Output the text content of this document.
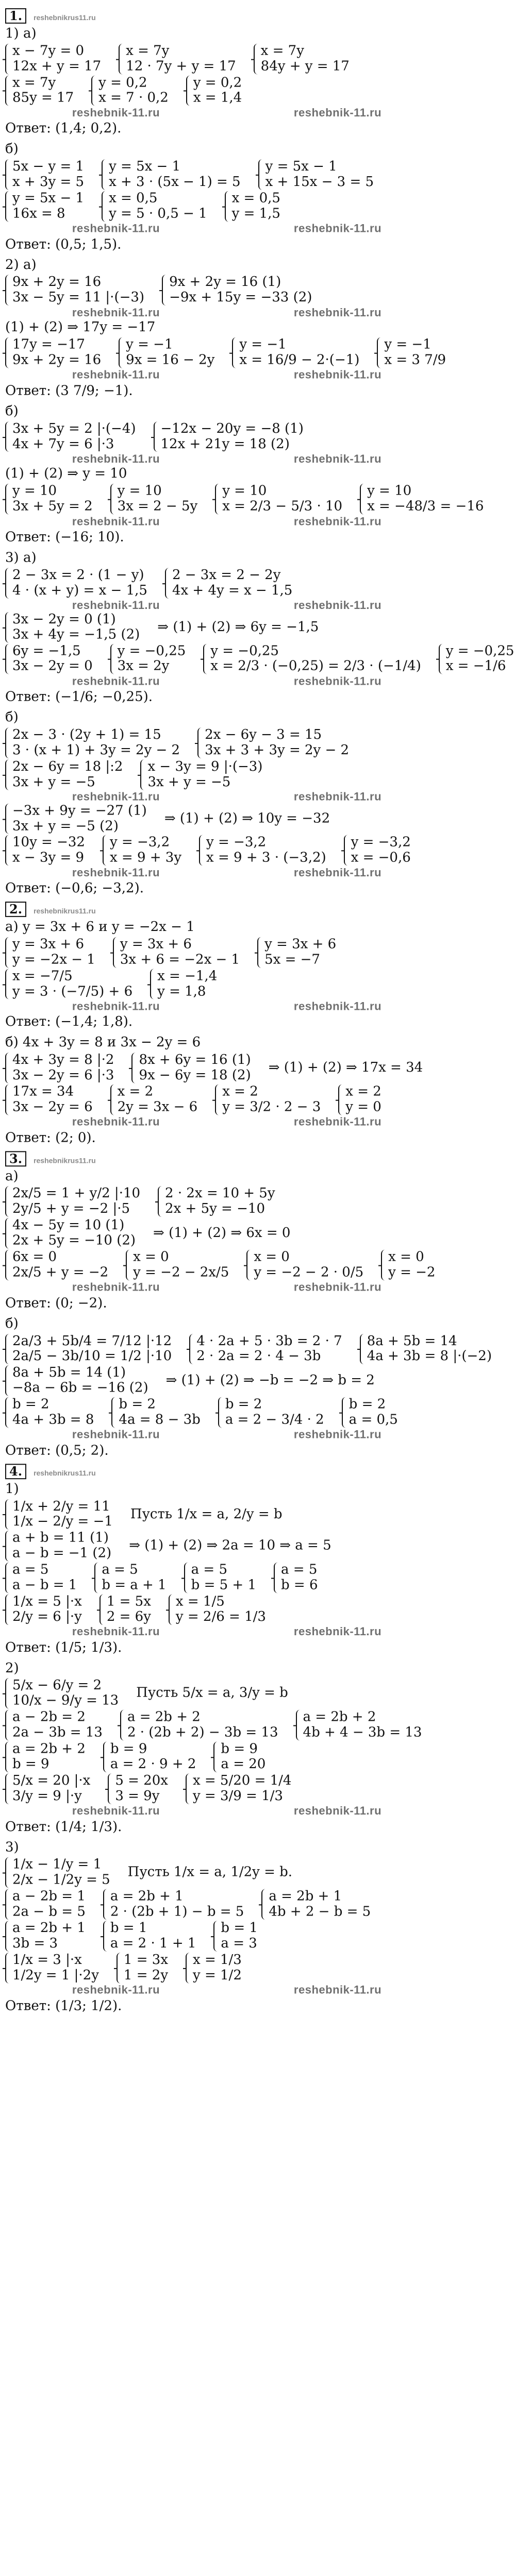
1. reshebnikrus11.ru
1) а)
x − 7y = 0
12x + y = 17
x = 7y
12 · 7y + y = 17
x = 7y
84y + y = 17
x = 7y
85y = 17
y = 0,2
x = 7 · 0,2
y = 0,2
x = 1,4
reshebnik-11.ru	reshebnik-11.ru
Ответ: (1,4; 0,2).
б)
5x − y = 1
x + 3y = 5
y = 5x − 1
x + 3 · (5x − 1) = 5
y = 5x − 1
x + 15x − 3 = 5
y = 5x − 1
16x = 8
x = 0,5
y = 5 · 0,5 − 1
x = 0,5
y = 1,5
reshebnik-11.ru	reshebnik-11.ru
Ответ: (0,5; 1,5).
2) а)
9x + 2y = 16
3x − 5y = 11 |·(−3)
9x + 2y = 16 (1)
−9x + 15y = −33 (2)
reshebnik-11.ru	reshebnik-11.ru
(1) + (2) ⇒ 17y = −17
17y = −17
9x + 2y = 16
y = −1
9x = 16 − 2y
y = −1
x = 16/9 − 2·(−1)
y = −1
x = 3 7/9
reshebnik-11.ru	reshebnik-11.ru
Ответ: (3 7/9; −1).
б)
3x + 5y = 2 |·(−4)
4x + 7y = 6 |·3
−12x − 20y = −8 (1)
12x + 21y = 18 (2)
reshebnik-11.ru	reshebnik-11.ru
(1) + (2) ⇒ y = 10
y = 10
3x + 5y = 2
y = 10
3x = 2 − 5y
y = 10
x = 2/3 − 5/3 · 10
y = 10
x = −48/3 = −16
reshebnik-11.ru	reshebnik-11.ru
Ответ: (−16; 10).
3) а)
2 − 3x = 2 · (1 − y)
4 · (x + y) = x − 1,5
2 − 3x = 2 − 2y
4x + 4y = x − 1,5
reshebnik-11.ru	reshebnik-11.ru
3x − 2y = 0 (1)
3x + 4y = −1,5 (2) ⇒ (1) + (2) ⇒ 6y = −1,5
6y = −1,5
3x − 2y = 0
y = −0,25
3x = 2y
y = −0,25
x = 2/3 · (−0,25) = 2/3 · (−1/4)
y = −0,25
x = −1/6
reshebnik-11.ru	reshebnik-11.ru
Ответ: (−1/6; −0,25).
б)
2x − 3 · (2y + 1) = 15
3 · (x + 1) + 3y = 2y − 2
2x − 6y − 3 = 15
3x + 3 + 3y = 2y − 2
2x − 6y = 18 |:2
3x + y = −5
x − 3y = 9 |·(−3)
3x + y = −5
reshebnik-11.ru	reshebnik-11.ru
−3x + 9y = −27 (1)
3x + y = −5 (2)	⇒ (1) + (2) ⇒ 10y = −32
10y = −32
x − 3y = 9
y = −3,2
x = 9 + 3y
y = −3,2
x = 9 + 3 · (−3,2)
y = −3,2
x = −0,6
reshebnik-11.ru	reshebnik-11.ru
Ответ: (−0,6; −3,2).
2. reshebnikrus11.ru
а) y = 3x + 6 и y = −2x − 1
y = 3x + 6
y = −2x − 1
y = 3x + 6
3x + 6 = −2x − 1
y = 3x + 6
5x = −7
x = −7/5
y = 3 · (−7/5) + 6
x = −1,4
y = 1,8
reshebnik-11.ru	reshebnik-11.ru
Ответ: (−1,4; 1,8).
б) 4x + 3y = 8 и 3x − 2y = 6
4x + 3y = 8 |·2
3x − 2y = 6 |·3
8x + 6y = 16 (1)
9x − 6y = 18 (2) ⇒ (1) + (2) ⇒ 17x = 34
17x = 34
3x − 2y = 6
x = 2
2y = 3x − 6
x = 2
y = 3/2 · 2 − 3
x = 2
y = 0
reshebnik-11.ru	reshebnik-11.ru
Ответ: (2; 0).
3. reshebnikrus11.ru
а)
2x/5 = 1 + y/2 |·10
2y/5 + y = −2 |·5
2 · 2x = 10 + 5y
2x + 5y = −10
4x − 5y = 10 (1)
2x + 5y = −10 (2) ⇒ (1) + (2) ⇒ 6x = 0
6x = 0
2x/5 + y = −2
x = 0
y = −2 − 2x/5
x = 0
y = −2 − 2 · 0/5
x = 0
y = −2
reshebnik-11.ru	reshebnik-11.ru
Ответ: (0; −2).
б)
2a/3 + 5b/4 = 7/12 |·12
2a/5 − 3b/10 = 1/2 |·10
4 · 2a + 5 · 3b = 2 · 7
2 · 2a = 2 · 4 − 3b
8a + 5b = 14
4a + 3b = 8 |·(−2)
8a + 5b = 14 (1)
−8a − 6b = −16 (2) ⇒ (1) + (2) ⇒ −b = −2 ⇒ b = 2
b = 2
4a + 3b = 8
b = 2
4a = 8 − 3b
b = 2
a = 2 − 3/4 · 2
b = 2
a = 0,5
reshebnik-11.ru	reshebnik-11.ru
Ответ: (0,5; 2).
4. reshebnikrus11.ru
1)
1/x + 2/y = 11
1/x − 2/y = −1 Пусть 1/x = a, 2/y = b
a + b = 11 (1)
a − b = −1 (2) ⇒ (1) + (2) ⇒ 2a = 10 ⇒ a = 5
a = 5
a − b = 1
a = 5
b = a + 1
a = 5
b = 5 + 1
a = 5
b = 6
1/x = 5 |·x
2/y = 6 |·y
1 = 5x
2 = 6y
x = 1/5
y = 2/6 = 1/3
reshebnik-11.ru	reshebnik-11.ru
Ответ: (1/5; 1/3).
2)
5/x − 6/y = 2
10/x − 9/y = 13 Пусть 5/x = a, 3/y = b
a − 2b = 2
2a − 3b = 13
a = 2b + 2
2 · (2b + 2) − 3b = 13
a = 2b + 2
4b + 4 − 3b = 13
a = 2b + 2
b = 9
b = 9
a = 2 · 9 + 2
b = 9
a = 20
5/x = 20 |·x
3/y = 9 |·y
5 = 20x
3 = 9y
x = 5/20 = 1/4
y = 3/9 = 1/3
reshebnik-11.ru	reshebnik-11.ru
Ответ: (1/4; 1/3).
3)
1/x − 1/y = 1
2/x − 1/2y = 5 Пусть 1/x = a, 1/2y = b.
a − 2b = 1
2a − b = 5
a = 2b + 1
2 · (2b + 1) − b = 5
a = 2b + 1
4b + 2 − b = 5
a = 2b + 1
3b = 3
b = 1
a = 2 · 1 + 1
b = 1
a = 3
1/x = 3 |·x
1/2y = 1 |·2y
1 = 3x
1 = 2y
x = 1/3
y = 1/2
reshebnik-11.ru	reshebnik-11.ru
Ответ: (1/3; 1/2).
